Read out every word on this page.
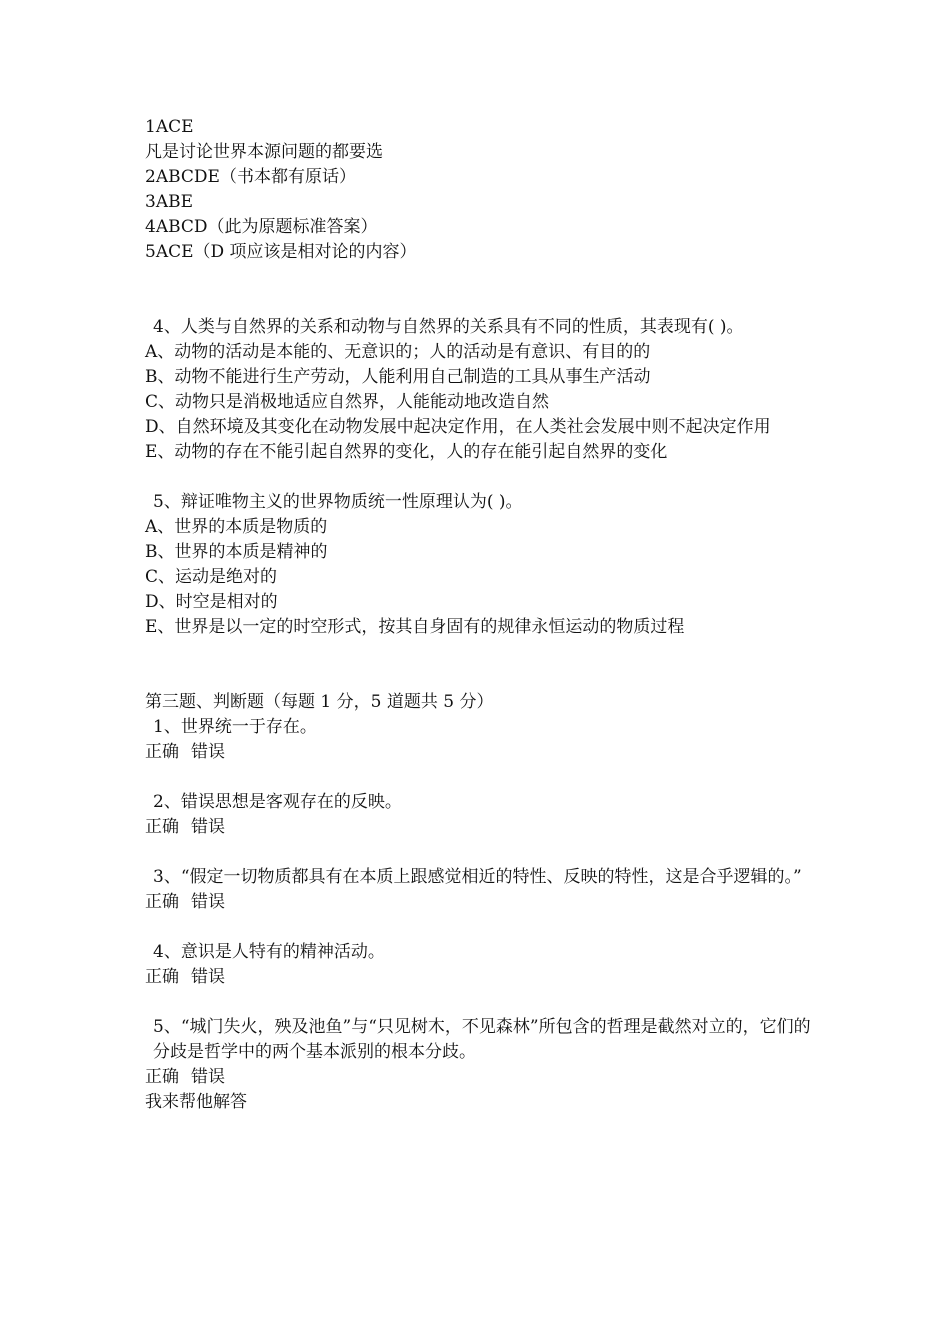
1ACE

凡是讨论世界本源问题的都要选

2ABCDE（书本都有原话）

3ABE

4ABCD（此为原题标准答案）

5ACE（D 项应该是相对论的内容）

4、人类与自然界的关系和动物与自然界的关系具有不同的性质，其表现有( )。

A、动物的活动是本能的、无意识的；人的活动是有意识、有目的的

B、动物不能进行生产劳动，人能利用自己制造的工具从事生产活动

C、动物只是消极地适应自然界，人能能动地改造自然

D、自然环境及其变化在动物发展中起决定作用，在人类社会发展中则不起决定作用

E、动物的存在不能引起自然界的变化，人的存在能引起自然界的变化

5、辩证唯物主义的世界物质统一性原理认为( )。

A、世界的本质是物质的

B、世界的本质是精神的

C、运动是绝对的

D、时空是相对的

E、世界是以一定的时空形式，按其自身固有的规律永恒运动的物质过程

第三题、判断题（每题 1 分，5 道题共 5 分）

1、世界统一于存在。

正确 错误

2、错误思想是客观存在的反映。

正确 错误

3、“假定一切物质都具有在本质上跟感觉相近的特性、反映的特性，这是合乎逻辑的。”

正确 错误

4、意识是人特有的精神活动。

正确 错误

5、“城门失火，殃及池鱼”与“只见树木，不见森林”所包含的哲理是截然对立的，它们的分歧是哲学中的两个基本派别的根本分歧。

正确 错误

我来帮他解答
